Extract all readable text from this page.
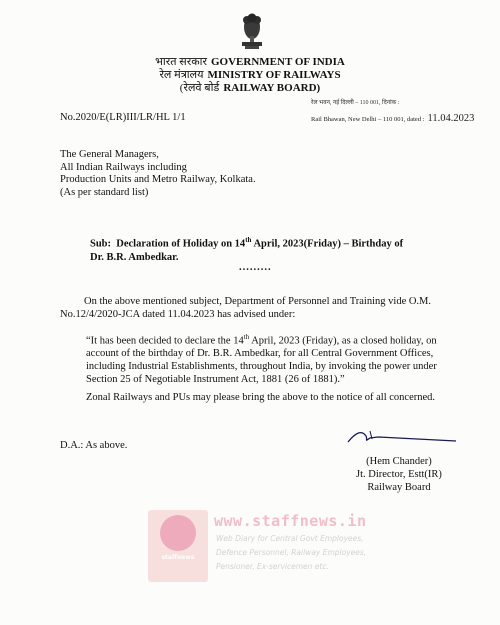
भारत सरकार GOVERNMENT OF INDIA
रेल मंत्रालय MINISTRY OF RAILWAYS
(रेलवे बोर्ड RAILWAY BOARD)
No.2020/E(LR)III/LR/HL 1/1
रेल भवन, नई दिल्ली – 110 001, दिनांक :
Rail Bhawan, New Delhi – 110 001, dated : 11.04.2023
The General Managers,
All Indian Railways including
Production Units and Metro Railway, Kolkata.
(As per standard list)
Sub: Declaration of Holiday on 14th April, 2023(Friday) – Birthday of
Dr. B.R. Ambedkar.
.........
On the above mentioned subject, Department of Personnel and Training vide O.M. No.12/4/2020-JCA dated 11.04.2023 has advised under:
“It has been decided to declare the 14th April, 2023 (Friday), as a closed holiday, on account of the birthday of Dr. B.R. Ambedkar, for all Central Government Offices, including Industrial Establishments, throughout India, by invoking the power under Section 25 of Negotiable Instrument Act, 1881 (26 of 1881).”
Zonal Railways and PUs may please bring the above to the notice of all concerned.
D.A.: As above.
(Hem Chander)
Jt. Director, Estt(IR)
Railway Board
staffnews
www.staffnews.in
Web Diary for Central Govt Employees,
Defence Personnel, Railway Employees,
Pensioner, Ex-servicemen etc.
